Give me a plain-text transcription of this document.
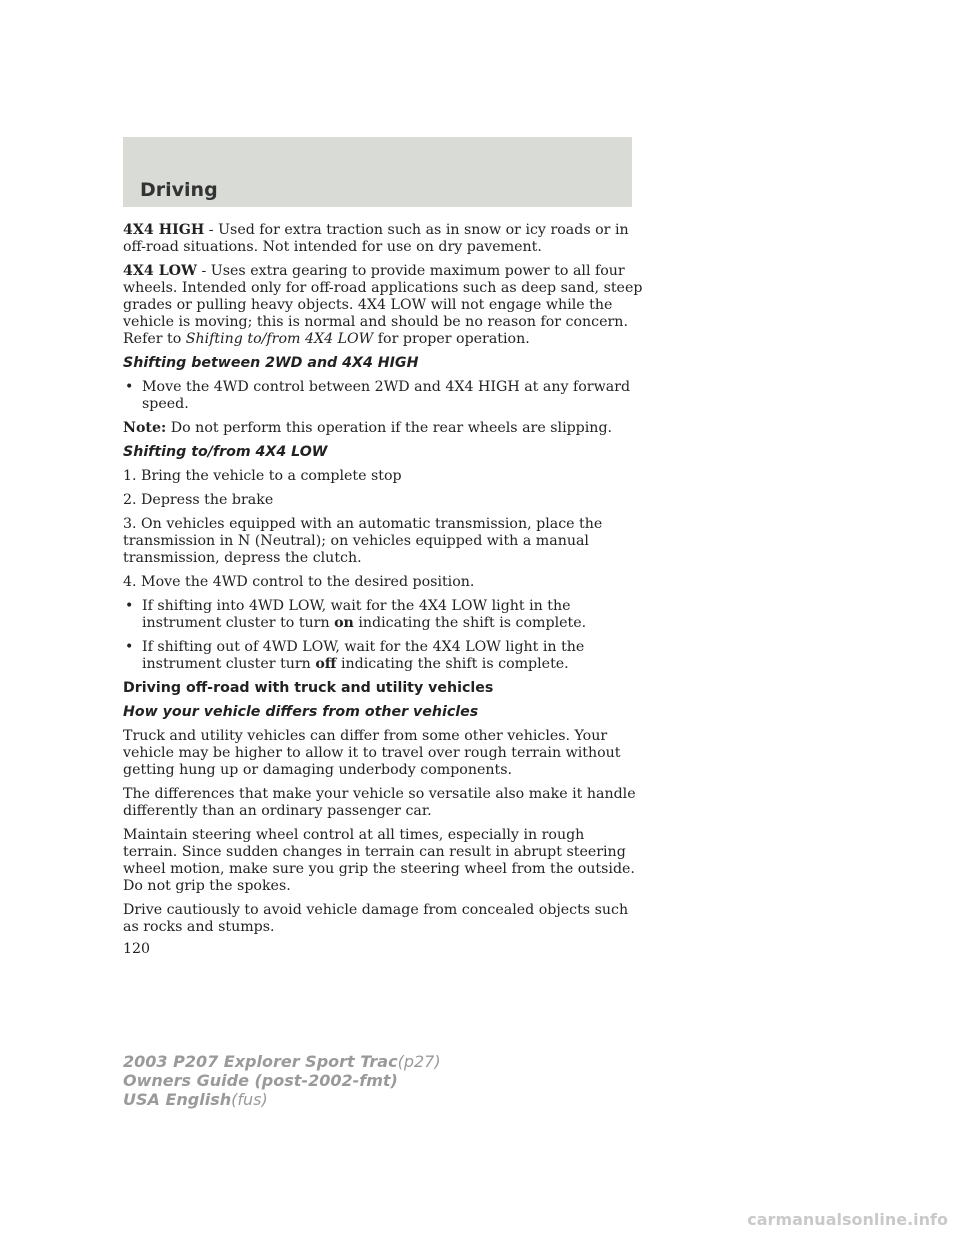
Driving

4X4 HIGH - Used for extra traction such as in snow or icy roads or in off-road situations. Not intended for use on dry pavement.

4X4 LOW - Uses extra gearing to provide maximum power to all four wheels. Intended only for off-road applications such as deep sand, steep grades or pulling heavy objects. 4X4 LOW will not engage while the vehicle is moving; this is normal and should be no reason for concern. Refer to Shifting to/from 4X4 LOW for proper operation.

Shifting between 2WD and 4X4 HIGH
• Move the 4WD control between 2WD and 4X4 HIGH at any forward speed.

Note: Do not perform this operation if the rear wheels are slipping.

Shifting to/from 4X4 LOW

1. Bring the vehicle to a complete stop

2. Depress the brake

3. On vehicles equipped with an automatic transmission, place the transmission in N (Neutral); on vehicles equipped with a manual transmission, depress the clutch.

4. Move the 4WD control to the desired position.

• If shifting into 4WD LOW, wait for the 4X4 LOW light in the instrument cluster to turn on indicating the shift is complete.
• If shifting out of 4WD LOW, wait for the 4X4 LOW light in the instrument cluster turn off indicating the shift is complete.
Driving off-road with truck and utility vehicles
How your vehicle differs from other vehicles

Truck and utility vehicles can differ from some other vehicles. Your vehicle may be higher to allow it to travel over rough terrain without getting hung up or damaging underbody components.

The differences that make your vehicle so versatile also make it handle differently than an ordinary passenger car.

Maintain steering wheel control at all times, especially in rough terrain. Since sudden changes in terrain can result in abrupt steering wheel motion, make sure you grip the steering wheel from the outside. Do not grip the spokes.

Drive cautiously to avoid vehicle damage from concealed objects such as rocks and stumps.

120
2003 P207 Explorer Sport Trac(p27)
Owners Guide (post-2002-fmt)
USA English(fus)
carmanualsonline.info
